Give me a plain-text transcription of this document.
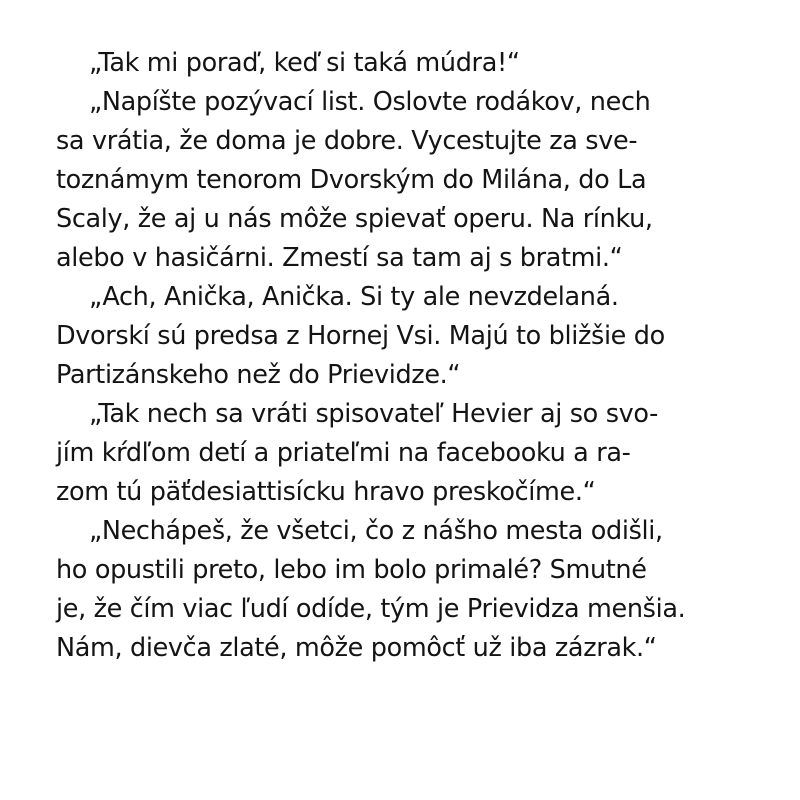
„Tak mi poraď, keď si taká múdra!“
„Napíšte pozývací list. Oslovte rodákov, nech
sa vrátia, že doma je dobre. Vycestujte za sve-
toznámym tenorom Dvorským do Milána, do La
Scaly, že aj u nás môže spievať operu. Na rínku,
alebo v hasičárni. Zmestí sa tam aj s bratmi.“
„Ach, Anička, Anička. Si ty ale nevzdelaná.
Dvorskí sú predsa z Hornej Vsi. Majú to bližšie do
Partizánskeho než do Prievidze.“
„Tak nech sa vráti spisovateľ Hevier aj so svo-
jím kŕdľom detí a priateľmi na facebooku a ra-
zom tú päťdesiattisícku hravo preskočíme.“
„Nechápeš, že všetci, čo z nášho mesta odišli,
ho opustili preto, lebo im bolo primalé? Smutné
je, že čím viac ľudí odíde, tým je Prievidza menšia.
Nám, dievča zlaté, môže pomôcť už iba zázrak.“
